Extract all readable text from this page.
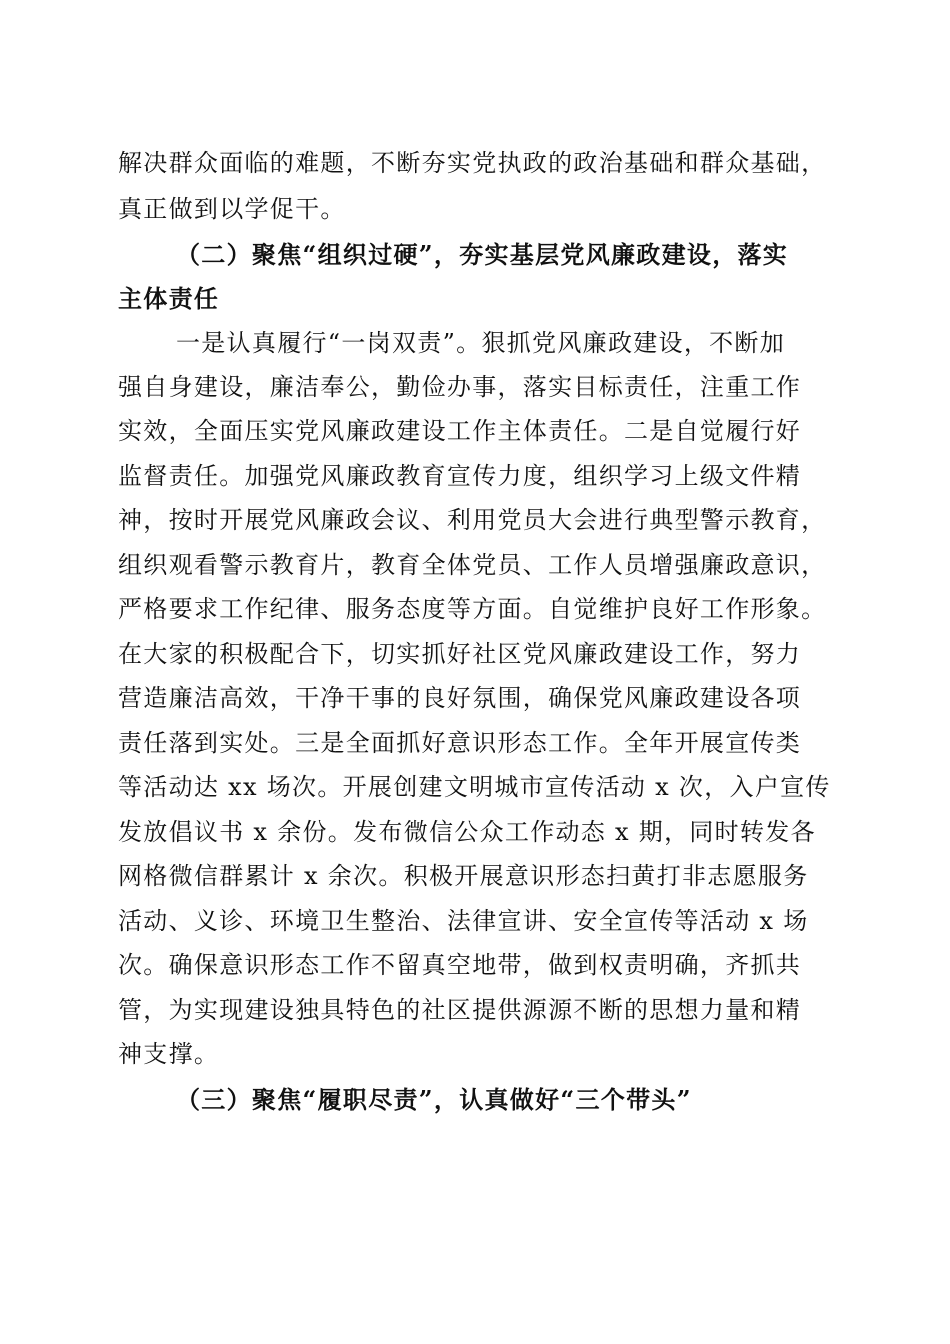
解决群众面临的难题，不断夯实党执政的政治基础和群众基础，
真正做到以学促干。
（二）聚焦“组织过硬”，夯实基层党风廉政建设，落实
主体责任
一是认真履行“一岗双责”。狠抓党风廉政建设，不断加
强自身建设，廉洁奉公，勤俭办事，落实目标责任，注重工作
实效，全面压实党风廉政建设工作主体责任。二是自觉履行好
监督责任。加强党风廉政教育宣传力度，组织学习上级文件精
神，按时开展党风廉政会议、利用党员大会进行典型警示教育，
组织观看警示教育片，教育全体党员、工作人员增强廉政意识，
严格要求工作纪律、服务态度等方面。自觉维护良好工作形象。
在大家的积极配合下，切实抓好社区党风廉政建设工作，努力
营造廉洁高效，干净干事的良好氛围，确保党风廉政建设各项
责任落到实处。三是全面抓好意识形态工作。全年开展宣传类
等活动达 xx 场次。开展创建文明城市宣传活动 x 次，入户宣传
发放倡议书 x 余份。发布微信公众工作动态 x 期，同时转发各
网格微信群累计 x 余次。积极开展意识形态扫黄打非志愿服务
活动、义诊、环境卫生整治、法律宣讲、安全宣传等活动 x 场
次。确保意识形态工作不留真空地带，做到权责明确，齐抓共
管，为实现建设独具特色的社区提供源源不断的思想力量和精
神支撑。
（三）聚焦“履职尽责”，认真做好“三个带头”
